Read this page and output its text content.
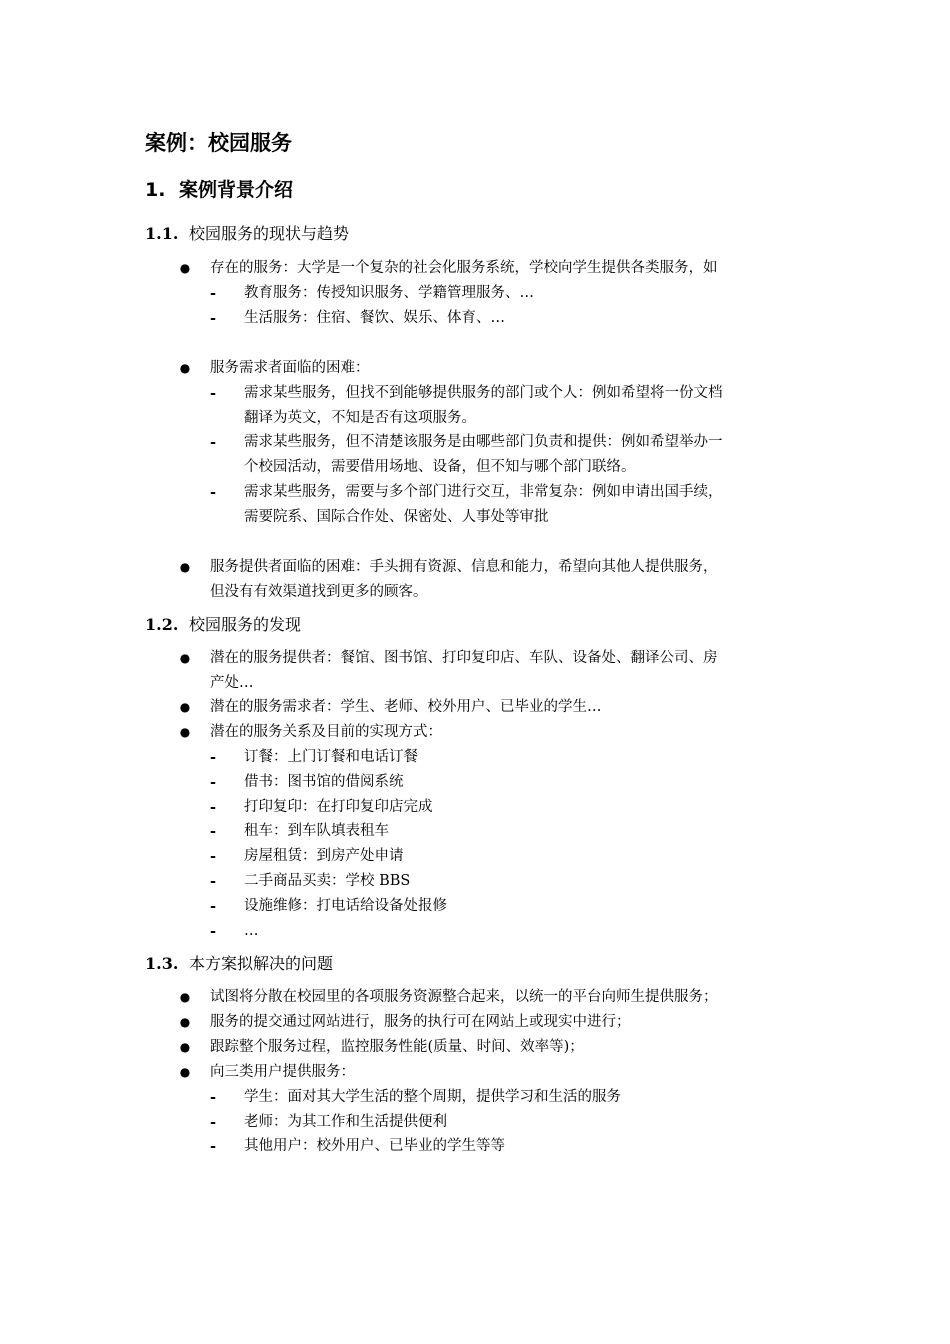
案例：校园服务
1. 案例背景介绍
1.1. 校园服务的现状与趋势
● 存在的服务：大学是一个复杂的社会化服务系统，学校向学生提供各类服务，如
- 教育服务：传授知识服务、学籍管理服务、…
- 生活服务：住宿、餐饮、娱乐、体育、…
● 服务需求者面临的困难：
- 需求某些服务，但找不到能够提供服务的部门或个人：例如希望将一份文档
翻译为英文，不知是否有这项服务。
- 需求某些服务，但不清楚该服务是由哪些部门负责和提供：例如希望举办一
个校园活动，需要借用场地、设备，但不知与哪个部门联络。
- 需求某些服务，需要与多个部门进行交互，非常复杂：例如申请出国手续，
需要院系、国际合作处、保密处、人事处等审批
● 服务提供者面临的困难：手头拥有资源、信息和能力，希望向其他人提供服务，
但没有有效渠道找到更多的顾客。
1.2. 校园服务的发现
● 潜在的服务提供者：餐馆、图书馆、打印复印店、车队、设备处、翻译公司、房
产处…
● 潜在的服务需求者：学生、老师、校外用户、已毕业的学生…
● 潜在的服务关系及目前的实现方式：
- 订餐：上门订餐和电话订餐
- 借书：图书馆的借阅系统
- 打印复印：在打印复印店完成
- 租车：到车队填表租车
- 房屋租赁：到房产处申请
- 二手商品买卖：学校 BBS
- 设施维修：打电话给设备处报修
- …
1.3. 本方案拟解决的问题
● 试图将分散在校园里的各项服务资源整合起来，以统一的平台向师生提供服务；
● 服务的提交通过网站进行，服务的执行可在网站上或现实中进行；
● 跟踪整个服务过程，监控服务性能(质量、时间、效率等)；
● 向三类用户提供服务：
- 学生：面对其大学生活的整个周期，提供学习和生活的服务
- 老师：为其工作和生活提供便利
- 其他用户：校外用户、已毕业的学生等等
